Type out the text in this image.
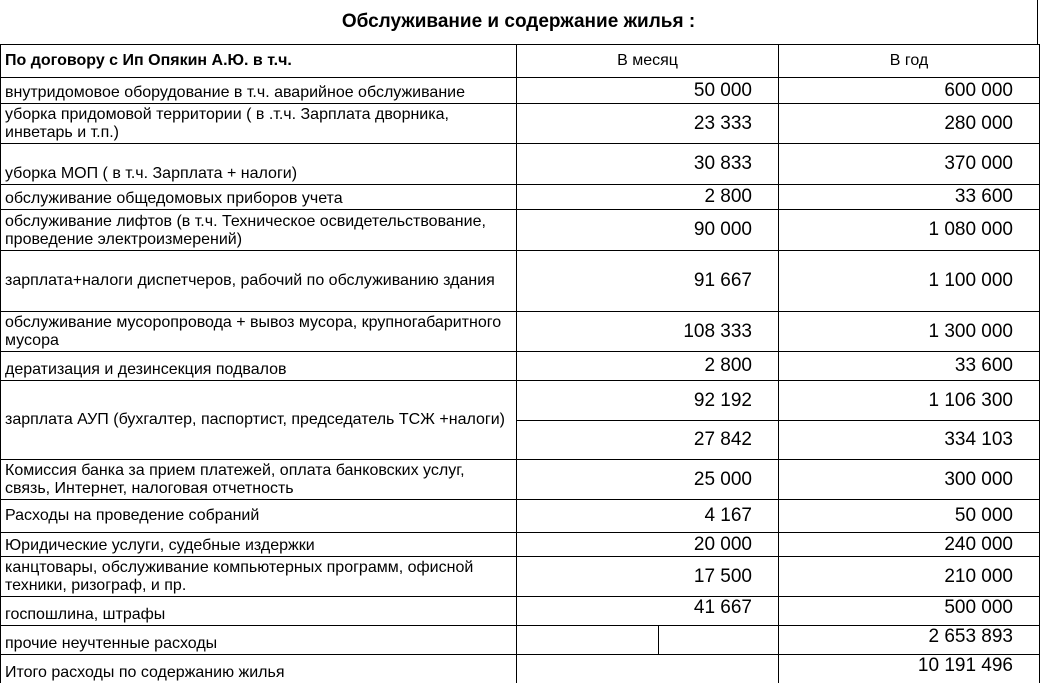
Обслуживание и содержание жилья :
По договору с Ип Опякин А.Ю. в т.ч.	В месяц		В год
внутридомовое оборудование в т.ч. аварийное обслуживание	50 000		600 000
уборка придомовой территории ( в .т.ч. Зарплата дворника, инветарь и т.п.)	23 333		280 000
уборка МОП ( в т.ч. Зарплата + налоги)	30 833		370 000
обслуживание общедомовых приборов учета	2 800		33 600
обслуживание лифтов (в т.ч. Техническое освидетельствование, проведение электроизмерений)	90 000		1 080 000
зарплата+налоги диспетчеров, рабочий по обслуживанию здания	91 667		1 100 000
обслуживание мусоропровода + вывоз мусора, крупногабаритного мусора	108 333		1 300 000
дератизация и дезинсекция подвалов	2 800		33 600
зарплата АУП (бухгалтер, паспортист, председатель ТСЖ +налоги)	92 192		1 106 300
	27 842		334 103
Комиссия банка за прием платежей, оплата банковских услуг, связь, Интернет, налоговая отчетность	25 000		300 000
Расходы на проведение собраний	4 167		50 000
Юридические услуги, судебные издержки	20 000		240 000
канцтовары, обслуживание компьютерных программ, офисной техники, ризограф, и пр.	17 500		210 000
госпошлина, штрафы	41 667		500 000
прочие неучтенные расходы			2 653 893
Итого расходы по содержанию жилья			10 191 496
